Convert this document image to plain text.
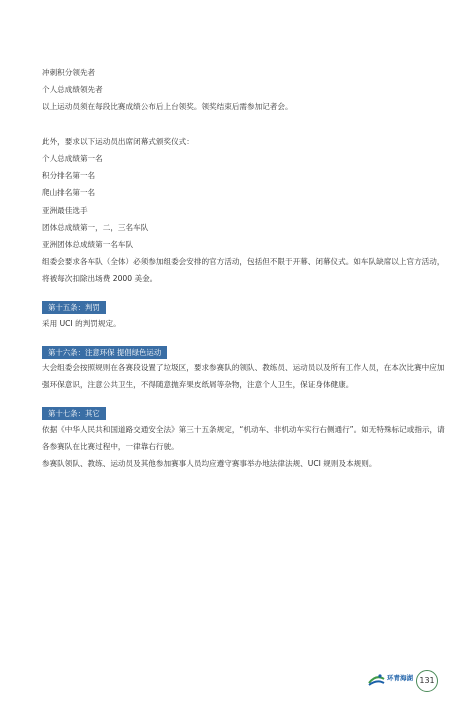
冲刺积分领先者
个人总成绩领先者
以上运动员须在每段比赛成绩公布后上台领奖。领奖结束后需参加记者会。
此外，要求以下运动员出席闭幕式颁奖仪式：
个人总成绩第一名
积分排名第一名
爬山排名第一名
亚洲最佳选手
团体总成绩第一，二，三名车队
亚洲团体总成绩第一名车队
组委会要求各车队（全体）必须参加组委会安排的官方活动，包括但不限于开幕、闭幕仪式。如车队缺席以上官方活动，将被每次扣除出场费 2000 美金。
第十五条：判罚
采用 UCI 的判罚规定。
第十六条：注意环保 提倡绿色运动
大会组委会按照规则在各赛段设置了垃圾区，要求参赛队的领队、教练员、运动员以及所有工作人员，在本次比赛中应加强环保意识，注意公共卫生，不得随意抛弃果皮纸屑等杂物，注意个人卫生，保证身体健康。
第十七条：其它
依据《中华人民共和国道路交通安全法》第三十五条规定，“机动车、非机动车实行右侧通行”。如无特殊标记或指示，请各参赛队在比赛过程中，一律靠右行驶。
参赛队领队、教练、运动员及其他参加赛事人员均应遵守赛事举办地法律法规、UCI 规则及本规则。
环青海湖 131
